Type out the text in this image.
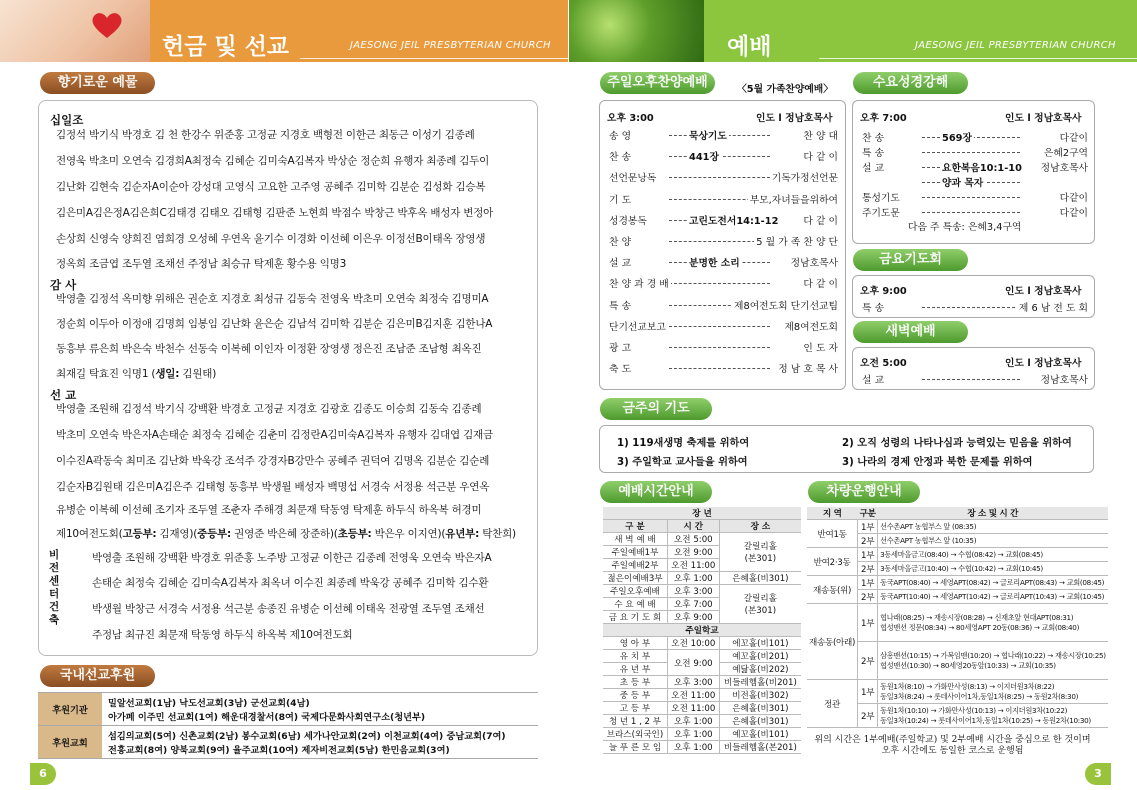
헌금 및 선교	JAESONG JEIL PRESBYTERIAN CHURCH	예배	JAESONG JEIL PRESBYTERIAN CHURCH
향기로운 예물
십일조
김정석 박기식 박경호 김 천 한강수 위준홍 고정균 지경호 백형전 이한근 최동근 이성기 김종례
전영욱 박초미 오연숙 김경희A최정숙 김혜순 김미숙A김복자 박상순 정순희 유행자 최종례 김두이
김난화 김현숙 김순자A이순아 강성대 고영식 고요한 고주영 공혜주 김미학 김분순 김성화 김승복
김은미A김은정A김은희C김태경 김태오 김태형 김판준 노현희 박점수 박창근 박후옥 배성자 변정아
손상희 신영숙 양희진 염희경 오성혜 우연옥 윤기수 이경화 이선혜 이은우 이정선B이태옥 장영생
정옥희 조금엽 조두열 조채선 주정남 최승규 탁제훈 황수용 익명3
감 사
박영출 김정석 옥미향 위해은 권순호 지경호 최성규 김동숙 전영욱 박초미 오연숙 최정숙 김명미A
정순희 이두아 이정애 김명희 임봉임 김난화 윤은순 김남석 김미학 김분순 김은미B김지훈 김한나A
동흥부 류은희 박은숙 박천수 선동숙 이복혜 이인자 이정환 장영생 정은진 조남준 조남형 최옥진
최재길 탁효진 익명1 (생일: 김원태)
선 교
박영출 조원해 김정석 박기식 강백환 박경호 고정균 지경호 김광호 김종도 이승희 김동숙 김종례
박초미 오연숙 박은자A손태순 최정숙 김혜순 김춘미 김정란A김미숙A김복자 유행자 김대엽 김재금
이수진A곽동숙 최미조 김난화 박욱강 조석주 강경자B강만수 공혜주 권덕여 김명옥 김분순 김순례
김순자B김원태 김은미A김은주 김태형 동흥부 박생월 배성자 백명섭 서경숙 서정용 석근분 우연옥
유병순 이복혜 이선혜 조기자 조두열 조춘자 주해경 최문재 탁동영 탁제훈 하두식 하옥복 허경미
제10여전도회(고등부: 김재영)(중등부: 권영준 박은혜 장준하)(초등부: 박은우 이지연)(유년부: 탁찬희)
비 전 센 터 건 축
박영출 조원해 강백환 박경호 위준홍 노주방 고정균 이한근 김종례 전영욱 오연숙 박은자A
손태순 최정숙 김혜순 김미숙A김복자 최옥녀 이수진 최종례 박욱강 공혜주 김미학 김수환
박생월 박창근 서경숙 서정용 석근분 송종진 유병순 이선혜 이태옥 전광열 조두열 조채선
주정남 최규진 최문재 탁동영 하두식 하옥복 제10여전도회
국내선교후원
후원기관	밀알선교회(1남) 낙도선교회(3남) 군선교회(4남)
아가페 이주민 선교회(1여) 해운대경찰서(8여) 국제다문화사회연구소(청년부)

후원교회	섬김의교회(5여) 신촌교회(2남) 봉수교회(6남) 세가나안교회(2여) 이천교회(4여) 중남교회(7여)
전흥교회(8여) 양북교회(9여) 율주교회(10여) 제자비전교회(5남) 한민음교회(3여)
6
주일오후찬양예배	〈5월 가족찬양예배〉
오후 3:00	인도 l 정남호목사
송 영	묵상기도	찬 양 대
찬 송	441장	다 같 이
선언문낭독	기독가정선언문
기 도	부모,자녀들을위하여
성경봉독	고린도전서14:1-12	다 같 이
찬 양	5 월 가 족 찬 양 단
설 교	분명한 소리	정남호목사
찬 양 과 경 배	다 같 이
특 송	제8여전도회 단기선교팀
단기선교보고	제8여전도회
광 고	인 도 자
축 도	정 남 호 목 사
수요성경강해
오후 7:00	인도 l 정남호목사
찬 송	569장	다같이
특 송	은혜2구역
설 교	요한복음10:1-10 정남호목사
양과 목자
통성기도	다같이
주기도문	다같이
다음 주 특송: 은혜3,4구역
금요기도회
오후 9:00	인도 l 정남호목사
특 송	제 6 남 전 도 회
새벽예배
오전 5:00	인도 l 정남호목사
설 교	정남호목사
금주의 기도
1) 119새생명 축제를 위하여	2) 오직 성령의 나타나심과 능력있는 믿음을 위하여
3) 주일학교 교사들을 위하여	3) 나라의 경제 안정과 북한 문제를 위하여
예배시간안내
장 년		
구 분	시 간	장 소
새 벽 예 배	오전 5:00	갈릴리홀
(본301)

주일예배1부	오전 9:00	
주일예배2부	오전 11:00	
젊은이예배3부	오후 1:00	은혜홀(비301)
주일오후예배	오후 3:00	갈릴리홀
(본301)

수 요 예 배	오후 7:00	
금 요 기 도 회	오후 9:00	
주일학교		
영 아 부	오전 10:00	에꼬홀(비101)
유 치 부	오전 9:00	예꼬홀(비201)
유 년 부		예닮홀(비202)
초 등 부	오후 3:00	비들레헴홀(비201)
중 등 부	오전 11:00	비전홀(비302)
고 등 부	오전 11:00	은혜홀(비301)
청 년 1 , 2 부	오후 1:00	은혜홀(비301)
브라스(외국인)	오후 1:00	예꼬홀(비101)
늘 푸 른 모 임	오후 1:00	비들레헴홀(본201)
차량운행안내
지 역	구분	장 소 및 시 간
반여1동	1부	선수촌APT 농협부스 앞 (08:35)
	2부	선수촌APT 농협부스 앞 (10:35)
반여2·3동	1부	3동세마을금고(08:40) → 수협(08:42) → 교회(08:45)
	2부	3동세마을금고(10:40) → 수협(10:42) → 교회(10:45)
재송동(위)	1부	동국APT(08:40) → 세영APT(08:42) → 글로리APT(08:43) → 교회(08:45)
	2부	동국APT(10:40) → 세영APT(10:42) → 글로리APT(10:43) → 교회(10:45)
재송동(아래)	1부	협나래(08:25) → 재송시장(08:28) → 신재초앞 현대APT(08:31)
협성맨션 정문(08:34) → 80세영APT 20동(08:36) → 교회(08:40)

	2부	삼흥맨션(10:15) → 가복임맨(10:20) → 협나래(10:22) → 재송시장(10:25)
협성맨션(10:30) → 80세영20동앞(10:33) → 교회(10:35)

정관	1부	동원1차(8:10) → 가화만사성(8:13) → 이지더원3차(8:22)
동일3차(8:24) → 롯데사이어1차,동일1차(8:25) → 동원2차(8:30)

	2부	동원1차(10:10) → 가화만사성(10:13) → 이지더원3차(10:22)
동일3차(10:24) → 롯데사이어1차,동일1차(10:25) → 동원2차(10:30)
위의 시간은 1부예배(주일학교) 및 2부예배 시간을 중심으로 한 것이며 오후 시간에도 동일한 코스로 운행됨
3
